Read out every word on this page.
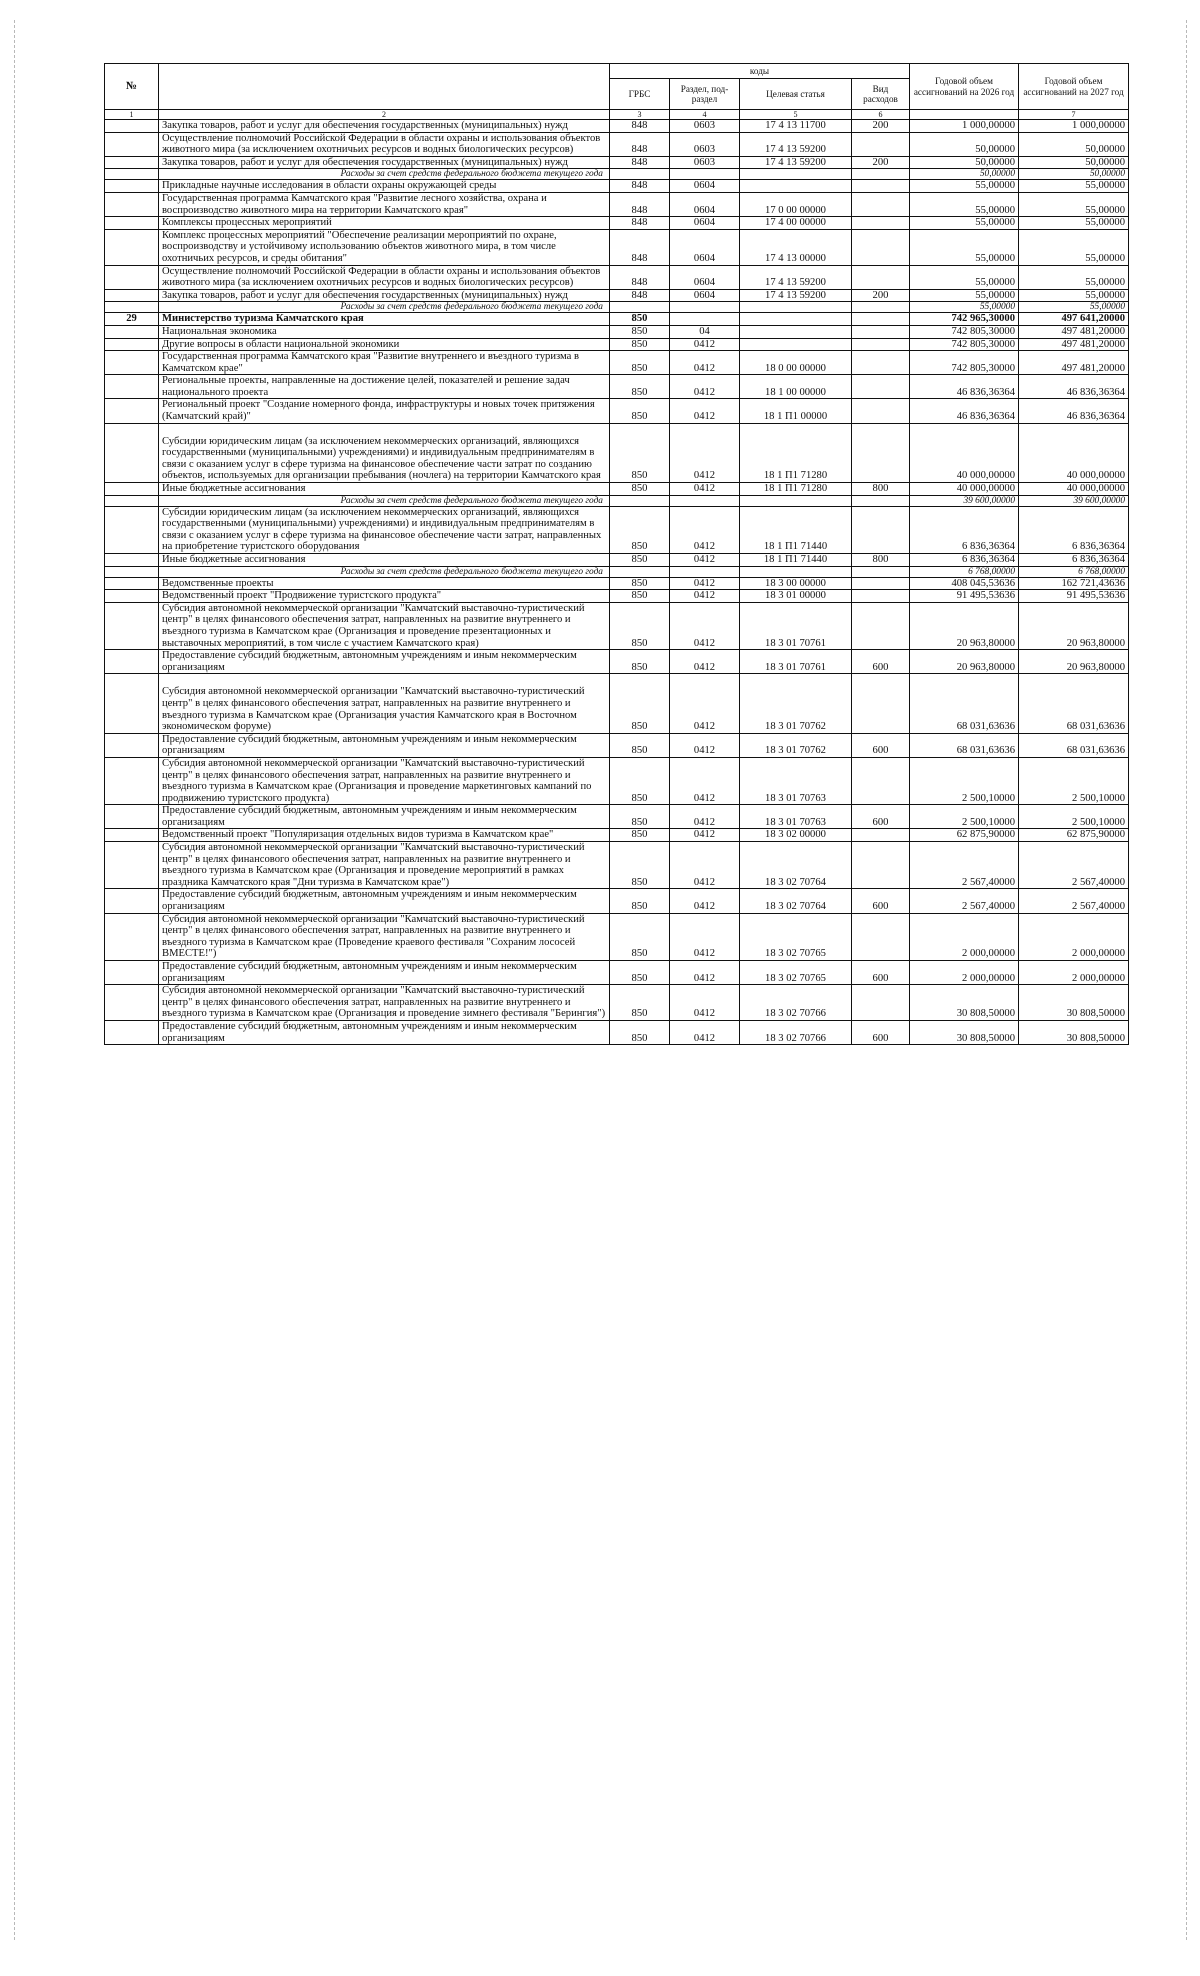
№		коды				Годовой объем ассигнований на 2026 год	Годовой объем ассигнований на 2027 год
		ГРБС	Раздел, под-раздел	Целевая статья	Вид расходов		
1	2	3	4	5	6		7
	Закупка товаров, работ и услуг для обеспечения государственных (муниципальных) нужд	848	0603	17 4 13 11700	200	1 000,00000	1 000,00000
	Осуществление полномочий Российской Федерации в области охраны и использования объектов животного мира (за исключением охотничьих ресурсов и водных биологических ресурсов)	848	0603	17 4 13 59200		50,00000	50,00000
	Закупка товаров, работ и услуг для обеспечения государственных (муниципальных) нужд	848	0603	17 4 13 59200	200	50,00000	50,00000
	Расходы за счет средств федерального бюджета текущего года					50,00000	50,00000
	Прикладные научные исследования в области охраны окружающей среды	848	0604			55,00000	55,00000
	Государственная программа Камчатского края "Развитие лесного хозяйства, охрана и воспроизводство животного мира на территории Камчатского края"	848	0604	17 0 00 00000		55,00000	55,00000
	Комплексы процессных мероприятий	848	0604	17 4 00 00000		55,00000	55,00000
	Комплекс процессных мероприятий "Обеспечение реализации мероприятий по охране, воспроизводству и устойчивому использованию объектов животного мира, в том числе охотничьих ресурсов, и среды обитания"	848	0604	17 4 13 00000		55,00000	55,00000
	Осуществление полномочий Российской Федерации в области охраны и использования объектов животного мира (за исключением охотничьих ресурсов и водных биологических ресурсов)	848	0604	17 4 13 59200		55,00000	55,00000
	Закупка товаров, работ и услуг для обеспечения государственных (муниципальных) нужд	848	0604	17 4 13 59200	200	55,00000	55,00000
	Расходы за счет средств федерального бюджета текущего года					55,00000	55,00000
29	Министерство туризма Камчатского края	850				742 965,30000	497 641,20000
	Национальная экономика	850	04			742 805,30000	497 481,20000
	Другие вопросы в области национальной экономики	850	0412			742 805,30000	497 481,20000
	Государственная программа Камчатского края "Развитие внутреннего и въездного туризма в Камчатском крае"	850	0412	18 0 00 00000		742 805,30000	497 481,20000
	Региональные проекты, направленные на достижение целей, показателей и решение задач национального проекта	850	0412	18 1 00 00000		46 836,36364	46 836,36364
	Региональный проект "Создание номерного фонда, инфраструктуры и новых точек притяжения (Камчатский край)"	850	0412	18 1 П1 00000		46 836,36364	46 836,36364
	Субсидии юридическим лицам (за исключением некоммерческих организаций, являющихся государственными (муниципальными) учреждениями) и индивидуальным предпринимателям в связи с оказанием услуг в сфере туризма на финансовое обеспечение части затрат по созданию объектов, используемых для организации пребывания (ночлега) на территории Камчатского края	850	0412	18 1 П1 71280		40 000,00000	40 000,00000
	Иные бюджетные ассигнования	850	0412	18 1 П1 71280	800	40 000,00000	40 000,00000
	Расходы за счет средств федерального бюджета текущего года					39 600,00000	39 600,00000
	Субсидии юридическим лицам (за исключением некоммерческих организаций, являющихся государственными (муниципальными) учреждениями) и индивидуальным предпринимателям в связи с оказанием услуг в сфере туризма на финансовое обеспечение части затрат, направленных на приобретение туристского оборудования	850	0412	18 1 П1 71440		6 836,36364	6 836,36364
	Иные бюджетные ассигнования	850	0412	18 1 П1 71440	800	6 836,36364	6 836,36364
	Расходы за счет средств федерального бюджета текущего года					6 768,00000	6 768,00000
	Ведомственные проекты	850	0412	18 3 00 00000		408 045,53636	162 721,43636
	Ведомственный проект "Продвижение туристского продукта"	850	0412	18 3 01 00000		91 495,53636	91 495,53636
	Субсидия автономной некоммерческой организации "Камчатский выставочно-туристический центр" в целях финансового обеспечения затрат, направленных на развитие внутреннего и въездного туризма в Камчатском крае (Организация и проведение презентационных и выставочных мероприятий, в том числе с участием Камчатского края)	850	0412	18 3 01 70761		20 963,80000	20 963,80000
	Предоставление субсидий бюджетным, автономным учреждениям и иным некоммерческим организациям	850	0412	18 3 01 70761	600	20 963,80000	20 963,80000
	Субсидия автономной некоммерческой организации "Камчатский выставочно-туристический центр" в целях финансового обеспечения затрат, направленных на развитие внутреннего и въездного туризма в Камчатском крае (Организация участия Камчатского края в Восточном экономическом форуме)	850	0412	18 3 01 70762		68 031,63636	68 031,63636
	Предоставление субсидий бюджетным, автономным учреждениям и иным некоммерческим организациям	850	0412	18 3 01 70762	600	68 031,63636	68 031,63636
	Субсидия автономной некоммерческой организации "Камчатский выставочно-туристический центр" в целях финансового обеспечения затрат, направленных на развитие внутреннего и въездного туризма в Камчатском крае (Организация и проведение маркетинговых кампаний по продвижению туристского продукта)	850	0412	18 3 01 70763		2 500,10000	2 500,10000
	Предоставление субсидий бюджетным, автономным учреждениям и иным некоммерческим организациям	850	0412	18 3 01 70763	600	2 500,10000	2 500,10000
	Ведомственный проект "Популяризация отдельных видов туризма в Камчатском крае"	850	0412	18 3 02 00000		62 875,90000	62 875,90000
	Субсидия автономной некоммерческой организации "Камчатский выставочно-туристический центр" в целях финансового обеспечения затрат, направленных на развитие внутреннего и въездного туризма в Камчатском крае (Организация и проведение мероприятий в рамках праздника Камчатского края "Дни туризма в Камчатском крае")	850	0412	18 3 02 70764		2 567,40000	2 567,40000
	Предоставление субсидий бюджетным, автономным учреждениям и иным некоммерческим организациям	850	0412	18 3 02 70764	600	2 567,40000	2 567,40000
	Субсидия автономной некоммерческой организации "Камчатский выставочно-туристический центр" в целях финансового обеспечения затрат, направленных на развитие внутреннего и въездного туризма в Камчатском крае (Проведение краевого фестиваля "Сохраним лососей ВМЕСТЕ!")	850	0412	18 3 02 70765		2 000,00000	2 000,00000
	Предоставление субсидий бюджетным, автономным учреждениям и иным некоммерческим организациям	850	0412	18 3 02 70765	600	2 000,00000	2 000,00000
	Субсидия автономной некоммерческой организации "Камчатский выставочно-туристический центр" в целях финансового обеспечения затрат, направленных на развитие внутреннего и въездного туризма в Камчатском крае (Организация и проведение зимнего фестиваля "Берингия")	850	0412	18 3 02 70766		30 808,50000	30 808,50000
	Предоставление субсидий бюджетным, автономным учреждениям и иным некоммерческим организациям	850	0412	18 3 02 70766	600	30 808,50000	30 808,50000
